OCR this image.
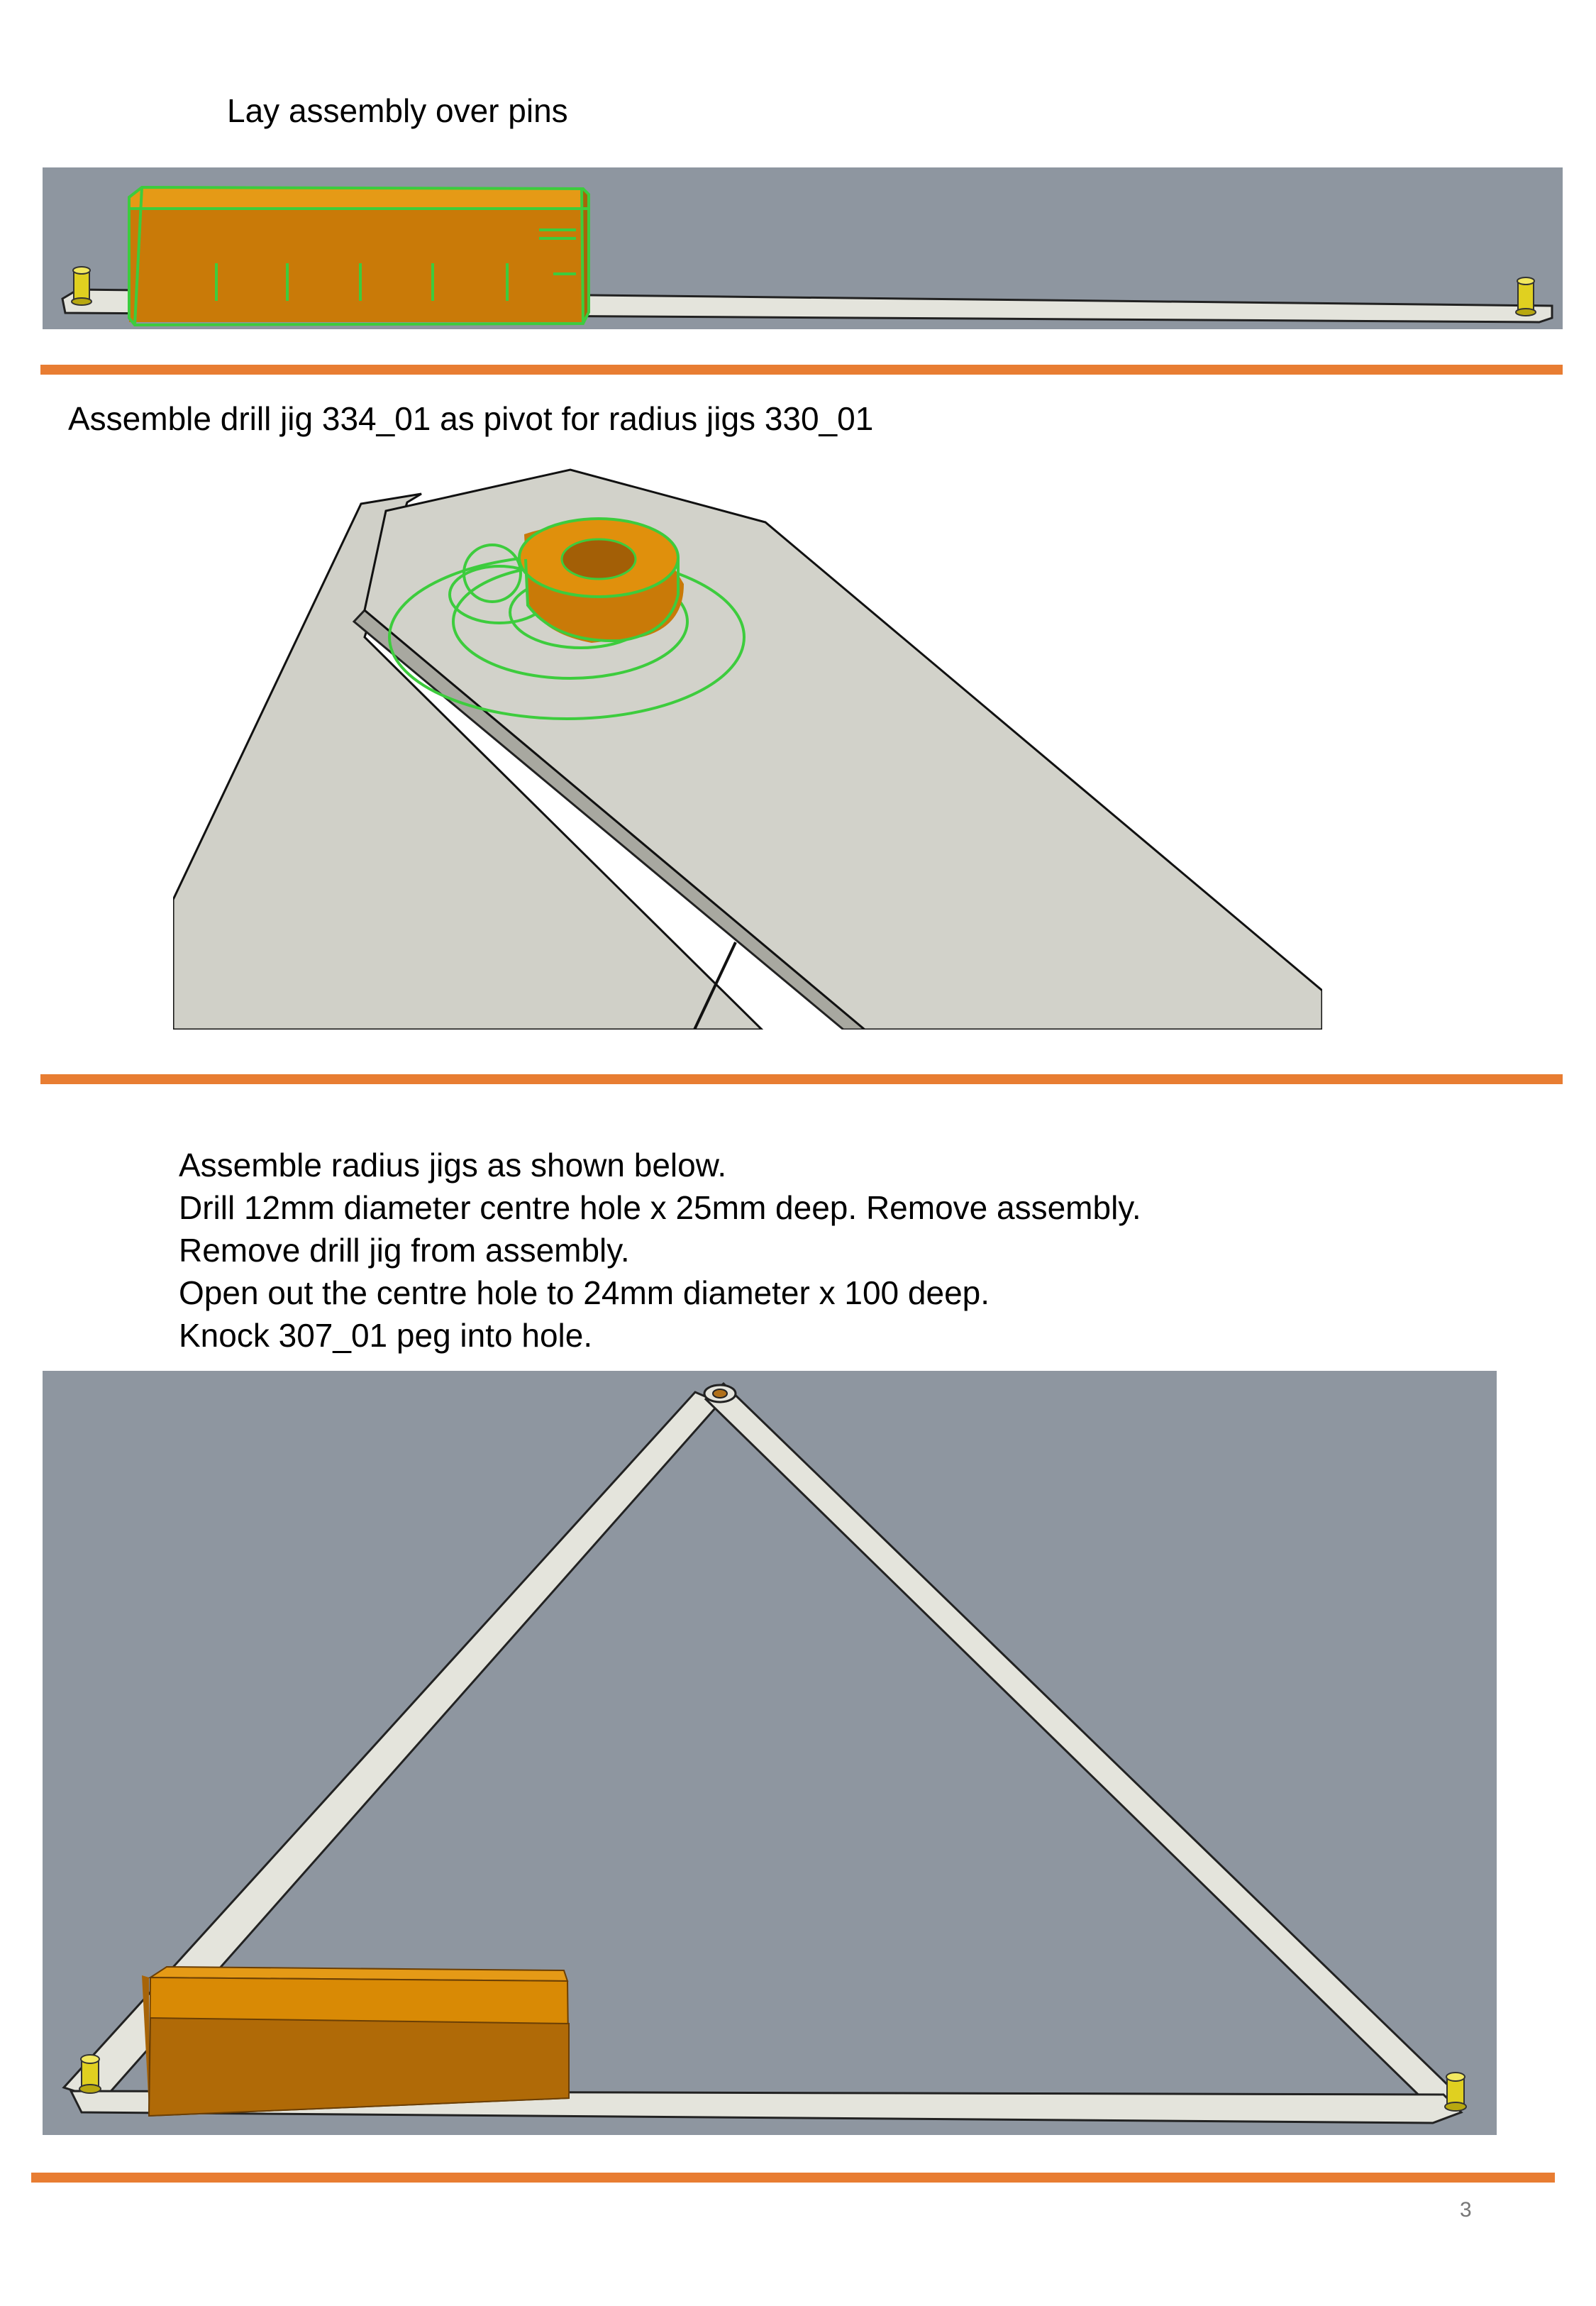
Lay assembly over pins
Assemble drill jig 334_01 as pivot for radius jigs 330_01
Assemble radius jigs as shown below.
Drill 12mm diameter centre hole x 25mm deep. Remove assembly.
Remove drill jig from assembly.
Open out the centre hole to 24mm diameter x 100 deep.
Knock 307_01 peg into hole.
3
